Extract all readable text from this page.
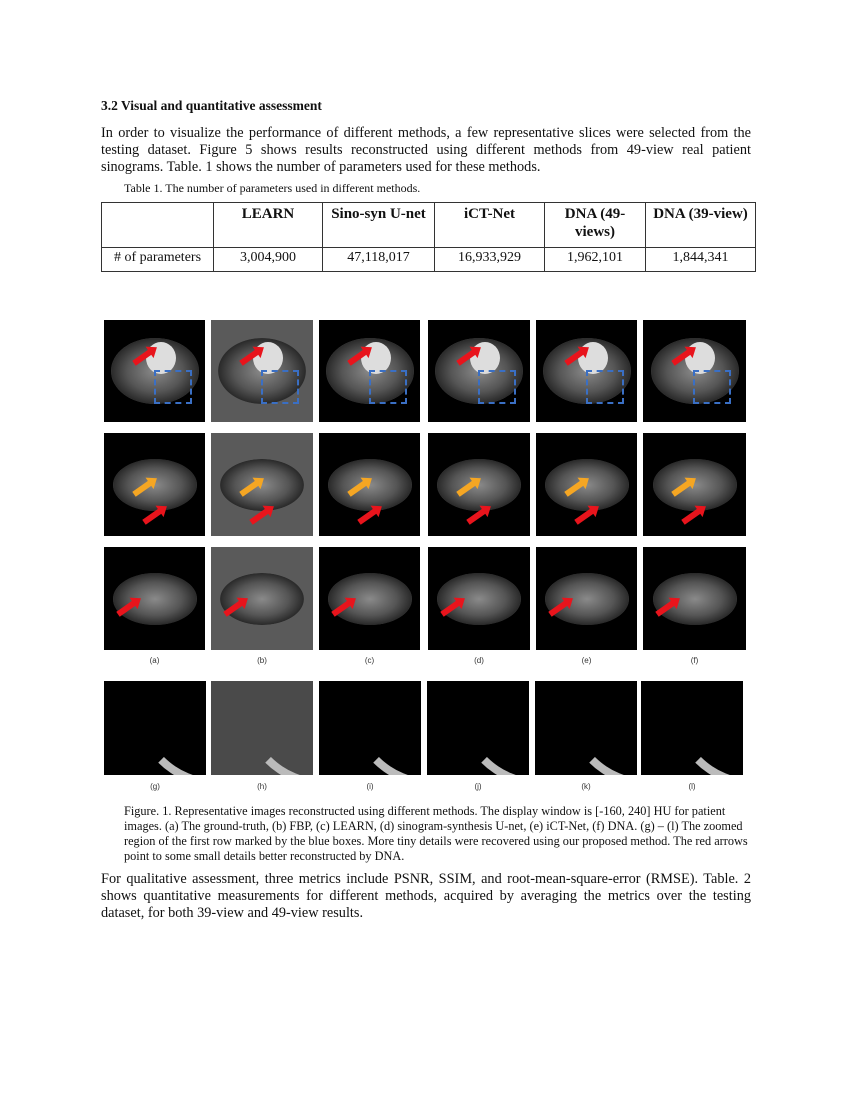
3.2 Visual and quantitative assessment
In order to visualize the performance of different methods, a few representative slices were selected from the testing dataset. Figure 5 shows results reconstructed using different methods from 49-view real patient sinograms. Table. 1 shows the number of parameters used for these methods.
Table 1. The number of parameters used in different methods.
	LEARN	Sino-syn U-net	iCT-Net	DNA (49-views)	DNA (39-view)
# of parameters	3,004,900	47,118,017	16,933,929	1,962,101	1,844,341
Figure. 1. Representative images reconstructed using different methods. The display window is [-160, 240] HU for patient images. (a) The ground-truth, (b) FBP, (c) LEARN, (d) sinogram-synthesis U-net, (e) iCT-Net, (f) DNA. (g) – (l) The zoomed region of the first row marked by the blue boxes. More tiny details were recovered using our proposed method. The red arrows point to some small details better reconstructed by DNA.
For qualitative assessment, three metrics include PSNR, SSIM, and root-mean-square-error (RMSE). Table. 2 shows quantitative measurements for different methods, acquired by averaging the metrics over the testing dataset, for both 39-view and 49-view results.
(a)
(g)
(b)
(h)
(c)
(i)
(d)
(j)
(e)
(k)
(f)
(l)
